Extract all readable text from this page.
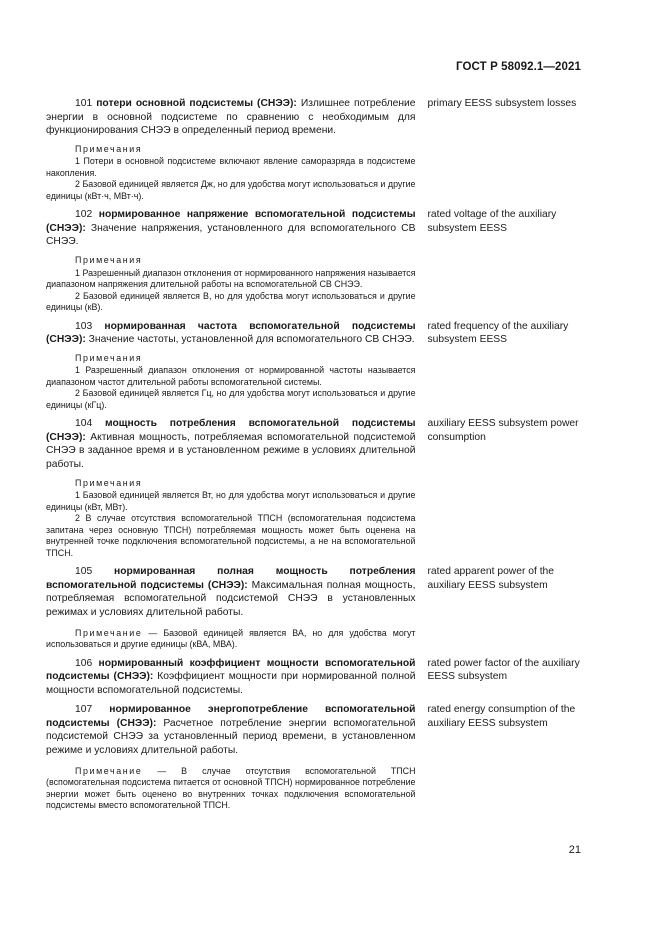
ГОСТ Р 58092.1—2021

101 потери основной подсистемы (СНЭЭ): Излишнее потребление энергии в основной подсистеме по сравнению с необходимым для функционирования СНЭЭ в определенный период времени.

Примечания

1 Потери в основной подсистеме включают явление саморазряда в подсистеме накопления.

2 Базовой единицей является Дж, но для удобства могут использоваться и другие единицы (кВт·ч, МВт·ч).

primary EESS subsystem losses

102 нормированное напряжение вспомогательной подсистемы (СНЭЭ): Значение напряжения, установленного для вспомогательного СВ СНЭЭ.

Примечания

1 Разрешенный диапазон отклонения от нормированного напряжения называется диапазоном напряжения длительной работы на вспомогательной СВ СНЭЭ.

2 Базовой единицей является В, но для удобства могут использоваться и другие единицы (кВ).

rated voltage of the auxiliary subsystem EESS

103 нормированная частота вспомогательной подсистемы (СНЭЭ): Значение частоты, установленной для вспомогательного СВ СНЭЭ.

Примечания

1 Разрешенный диапазон отклонения от нормированной частоты называется диапазоном частот длительной работы вспомогательной системы.

2 Базовой единицей является Гц, но для удобства могут использоваться и другие единицы (кГц).

rated frequency of the auxiliary subsystem EESS

104 мощность потребления вспомогательной подсистемы (СНЭЭ): Активная мощность, потребляемая вспомогательной подсистемой СНЭЭ в заданное время и в установленном режиме в условиях длительной работы.

Примечания

1 Базовой единицей является Вт, но для удобства могут использоваться и другие единицы (кВт, МВт).

2 В случае отсутствия вспомогательной ТПСН (вспомогательная подсистема запитана через основную ТПСН) потребляемая мощность может быть оценена на внутренней точке подключения вспомогательной подсистемы, а не на вспомогательной ТПСН.

auxiliary EESS subsystem power consumption

105 нормированная полная мощность потребления вспомогательной подсистемы (СНЭЭ): Максимальная полная мощность, потребляемая вспомогательной подсистемой СНЭЭ в установленных режимах и условиях длительной работы.

Примечание — Базовой единицей является ВА, но для удобства могут использоваться и другие единицы (кВА, МВА).

rated apparent power of the auxiliary EESS subsystem

106 нормированный коэффициент мощности вспомогательной подсистемы (СНЭЭ): Коэффициент мощности при нормированной полной мощности вспомогательной подсистемы.

rated power factor of the auxiliary EESS subsystem

107 нормированное энергопотребление вспомогательной подсистемы (СНЭЭ): Расчетное потребление энергии вспомогательной подсистемой СНЭЭ за установленный период времени, в установленном режиме и условиях длительной работы.

Примечание — В случае отсутствия вспомогательной ТПСН (вспомогательная подсистема питается от основной ТПСН) нормированное потребление энергии может быть оценено во внутренних точках подключения вспомогательной подсистемы вместо вспомогательной ТПСН.

rated energy consumption of the auxiliary EESS subsystem
21
